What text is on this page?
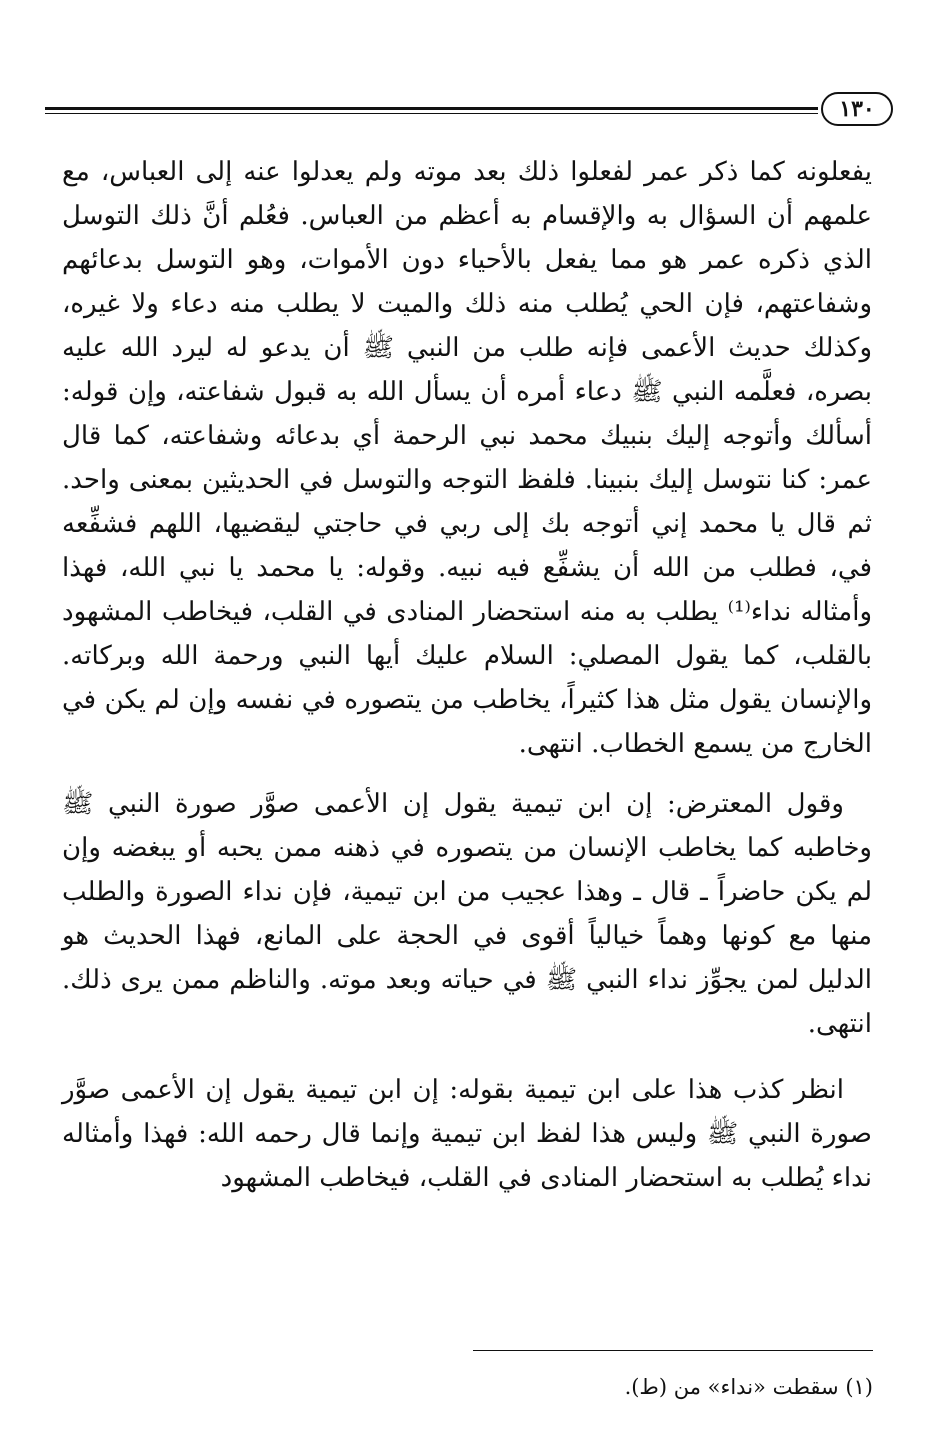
١٣٠

يفعلونه كما ذكر عمر لفعلوا ذلك بعد موته ولم يعدلوا عنه إلى العباس، مع علمهم أن السؤال به والإقسام به أعظم من العباس. فعُلم أنَّ ذلك التوسل الذي ذكره عمر هو مما يفعل بالأحياء دون الأموات، وهو التوسل بدعائهم وشفاعتهم، فإن الحي يُطلب منه ذلك والميت لا يطلب منه دعاء ولا غيره، وكذلك حديث الأعمى فإنه طلب من النبي ﷺ أن يدعو له ليرد الله عليه بصره، فعلَّمه النبي ﷺ دعاء أمره أن يسأل الله به قبول شفاعته، وإن قوله: أسألك وأتوجه إليك بنبيك محمد نبي الرحمة أي بدعائه وشفاعته، كما قال عمر: كنا نتوسل إليك بنبينا. فلفظ التوجه والتوسل في الحديثين بمعنى واحد. ثم قال يا محمد إني أتوجه بك إلى ربي في حاجتي ليقضيها، اللهم فشفِّعه في، فطلب من الله أن يشفِّع فيه نبيه. وقوله: يا محمد يا نبي الله، فهذا وأمثاله نداء⁽¹⁾ يطلب به منه استحضار المنادى في القلب، فيخاطب المشهود بالقلب، كما يقول المصلي: السلام عليك أيها النبي ورحمة الله وبركاته. والإنسان يقول مثل هذا كثيراً، يخاطب من يتصوره في نفسه وإن لم يكن في الخارج من يسمع الخطاب. انتهى.

وقول المعترض: إن ابن تيمية يقول إن الأعمى صوَّر صورة النبي ﷺ وخاطبه كما يخاطب الإنسان من يتصوره في ذهنه ممن يحبه أو يبغضه وإن لم يكن حاضراً ـ قال ـ وهذا عجيب من ابن تيمية، فإن نداء الصورة والطلب منها مع كونها وهماً خيالياً أقوى في الحجة على المانع، فهذا الحديث هو الدليل لمن يجوِّز نداء النبي ﷺ في حياته وبعد موته. والناظم ممن يرى ذلك. انتهى.

انظر كذب هذا على ابن تيمية بقوله: إن ابن تيمية يقول إن الأعمى صوَّر صورة النبي ﷺ وليس هذا لفظ ابن تيمية وإنما قال رحمه الله: فهذا وأمثاله نداء يُطلب به استحضار المنادى في القلب، فيخاطب المشهود

(١) سقطت «نداء» من (ط).
